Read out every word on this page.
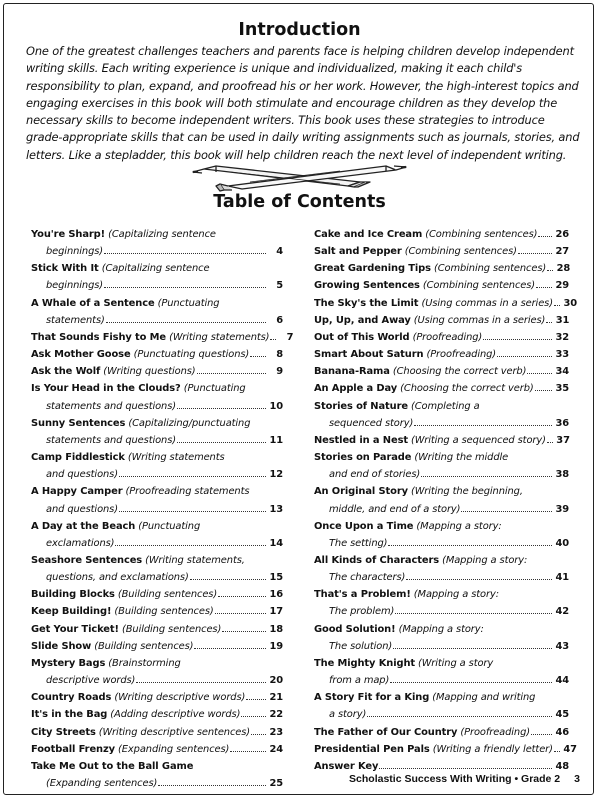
Introduction
One of the greatest challenges teachers and parents face is helping children develop independent writing skills. Each writing experience is unique and individualized, making it each child's responsibility to plan, expand, and proofread his or her work. However, the high-interest topics and engaging exercises in this book will both stimulate and encourage children as they develop the necessary skills to become independent writers. This book uses these strategies to introduce grade-appropriate skills that can be used in daily writing assignments such as journals, stories, and letters. Like a stepladder, this book will help children reach the next level of independent writing.
Table of Contents
You're Sharp!
(Capitalizing sentence
beginnings)	4
Stick With It
(Capitalizing sentence
beginnings)	5
A Whale of a Sentence
(Punctuating
statements)	6
That Sounds Fishy to Me
(Writing statements)	7
Ask Mother Goose
(Punctuating questions)	8
Ask the Wolf
(Writing questions)	9
Is Your Head in the Clouds?
(Punctuating
statements and questions)	10
Sunny Sentences
(Capitalizing/punctuating
statements and questions)	11
Camp Fiddlestick
(Writing statements
and questions)	12
A Happy Camper
(Proofreading statements
and questions)	13
A Day at the Beach
(Punctuating
exclamations)	14
Seashore Sentences
(Writing statements,
questions, and exclamations)	15
Building Blocks
(Building sentences)	16
Keep Building!
(Building sentences)	17
Get Your Ticket!
(Building sentences)	18
Slide Show
(Building sentences)	19
Mystery Bags
(Brainstorming
descriptive words)	20
Country Roads
(Writing descriptive words) 21
It's in the Bag
(Adding descriptive words)	22
City Streets
(Writing descriptive sentences) 23
Football Frenzy
(Expanding sentences)	24
Take Me Out to the Ball Game
(Expanding sentences)	25
Cake and Ice Cream
(Combining sentences) 26
Salt and Pepper
(Combining sentences)	27
Great Gardening Tips
(Combining sentences) 28
Growing Sentences
(Combining sentences) 29
The Sky's the Limit
(Using commas in a series) 30
Up, Up, and Away
(Using commas in a series) 31
Out of This World
(Proofreading)	32
Smart About Saturn
(Proofreading)	33
Banana-Rama
(Choosing the correct verb)	34
An Apple a Day
(Choosing the correct verb) 35
Stories of Nature
(Completing a
sequenced story)	36
Nestled in a Nest
(Writing a sequenced story) 37
Stories on Parade
(Writing the middle
and end of stories)	38
An Original Story
(Writing the beginning,
middle, and end of a story)	39
Once Upon a Time
(Mapping a story:
The setting)	40
All Kinds of Characters
(Mapping a story:
The characters)	41
That's a Problem!
(Mapping a story:
The problem)	42
Good Solution!
(Mapping a story:
The solution)	43
The Mighty Knight
(Writing a story
from a map)	44
A Story Fit for a King
(Mapping and writing
a story)	45
The Father of Our Country
(Proofreading)	46
Presidential Pen Pals
(Writing a friendly letter) 47
Answer Key	48
Scholastic Success With Writing • Grade 2 3
